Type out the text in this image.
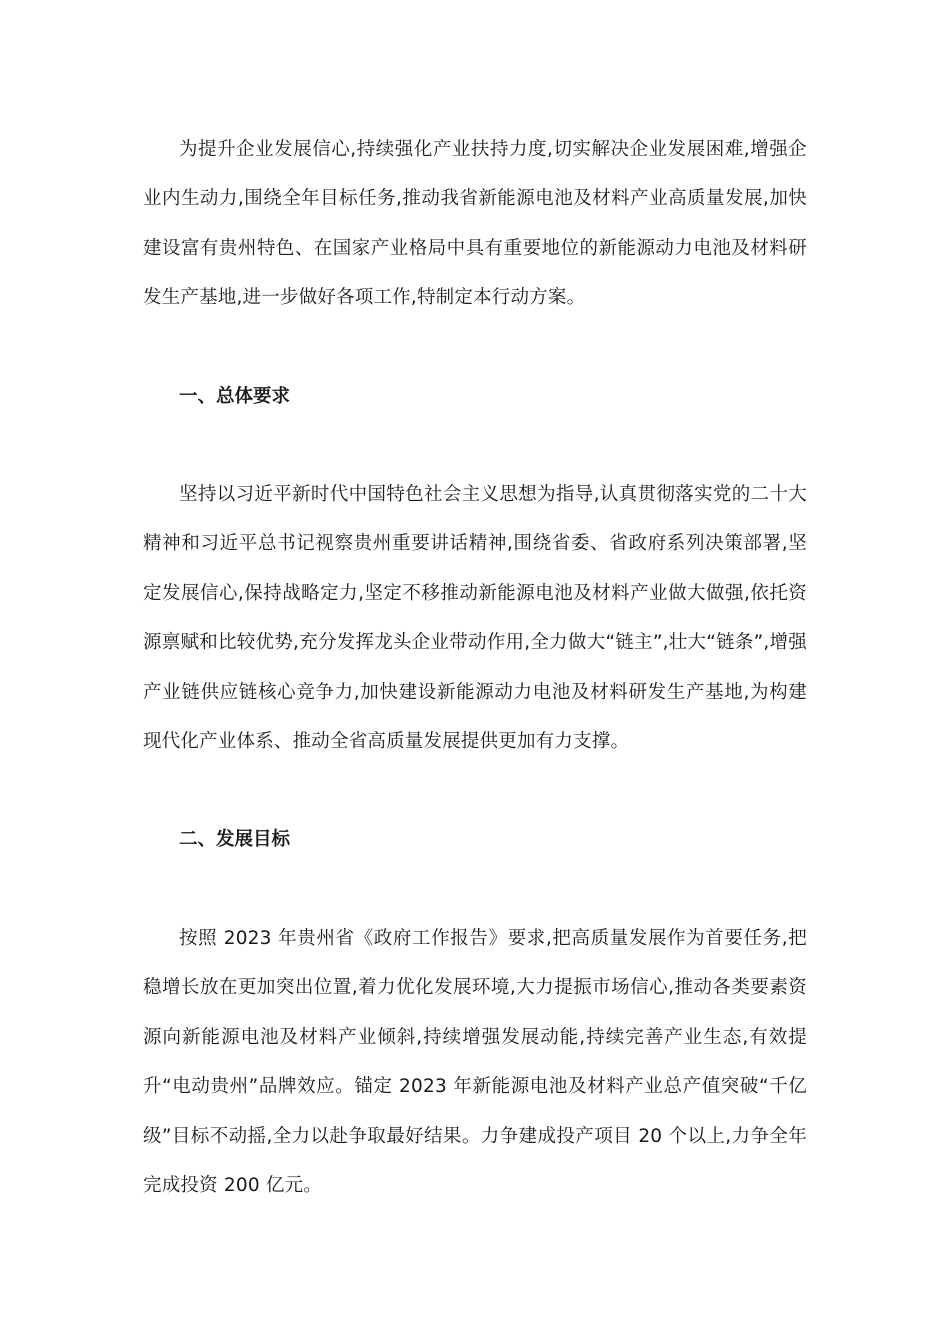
为提升企业发展信心,持续强化产业扶持力度,切实解决企业发展困难,增强企业内生动力,围绕全年目标任务,推动我省新能源电池及材料产业高质量发展,加快建设富有贵州特色、在国家产业格局中具有重要地位的新能源动力电池及材料研发生产基地,进一步做好各项工作,特制定本行动方案。

一、总体要求

坚持以习近平新时代中国特色社会主义思想为指导,认真贯彻落实党的二十大精神和习近平总书记视察贵州重要讲话精神,围绕省委、省政府系列决策部署,坚定发展信心,保持战略定力,坚定不移推动新能源电池及材料产业做大做强,依托资源禀赋和比较优势,充分发挥龙头企业带动作用,全力做大“链主”,壮大“链条”,增强产业链供应链核心竞争力,加快建设新能源动力电池及材料研发生产基地,为构建现代化产业体系、推动全省高质量发展提供更加有力支撑。

二、发展目标

按照 2023 年贵州省《政府工作报告》要求,把高质量发展作为首要任务,把稳增长放在更加突出位置,着力优化发展环境,大力提振市场信心,推动各类要素资源向新能源电池及材料产业倾斜,持续增强发展动能,持续完善产业生态,有效提升“电动贵州”品牌效应。锚定 2023 年新能源电池及材料产业总产值突破“千亿级”目标不动摇,全力以赴争取最好结果。力争建成投产项目 20 个以上,力争全年完成投资 200 亿元。
